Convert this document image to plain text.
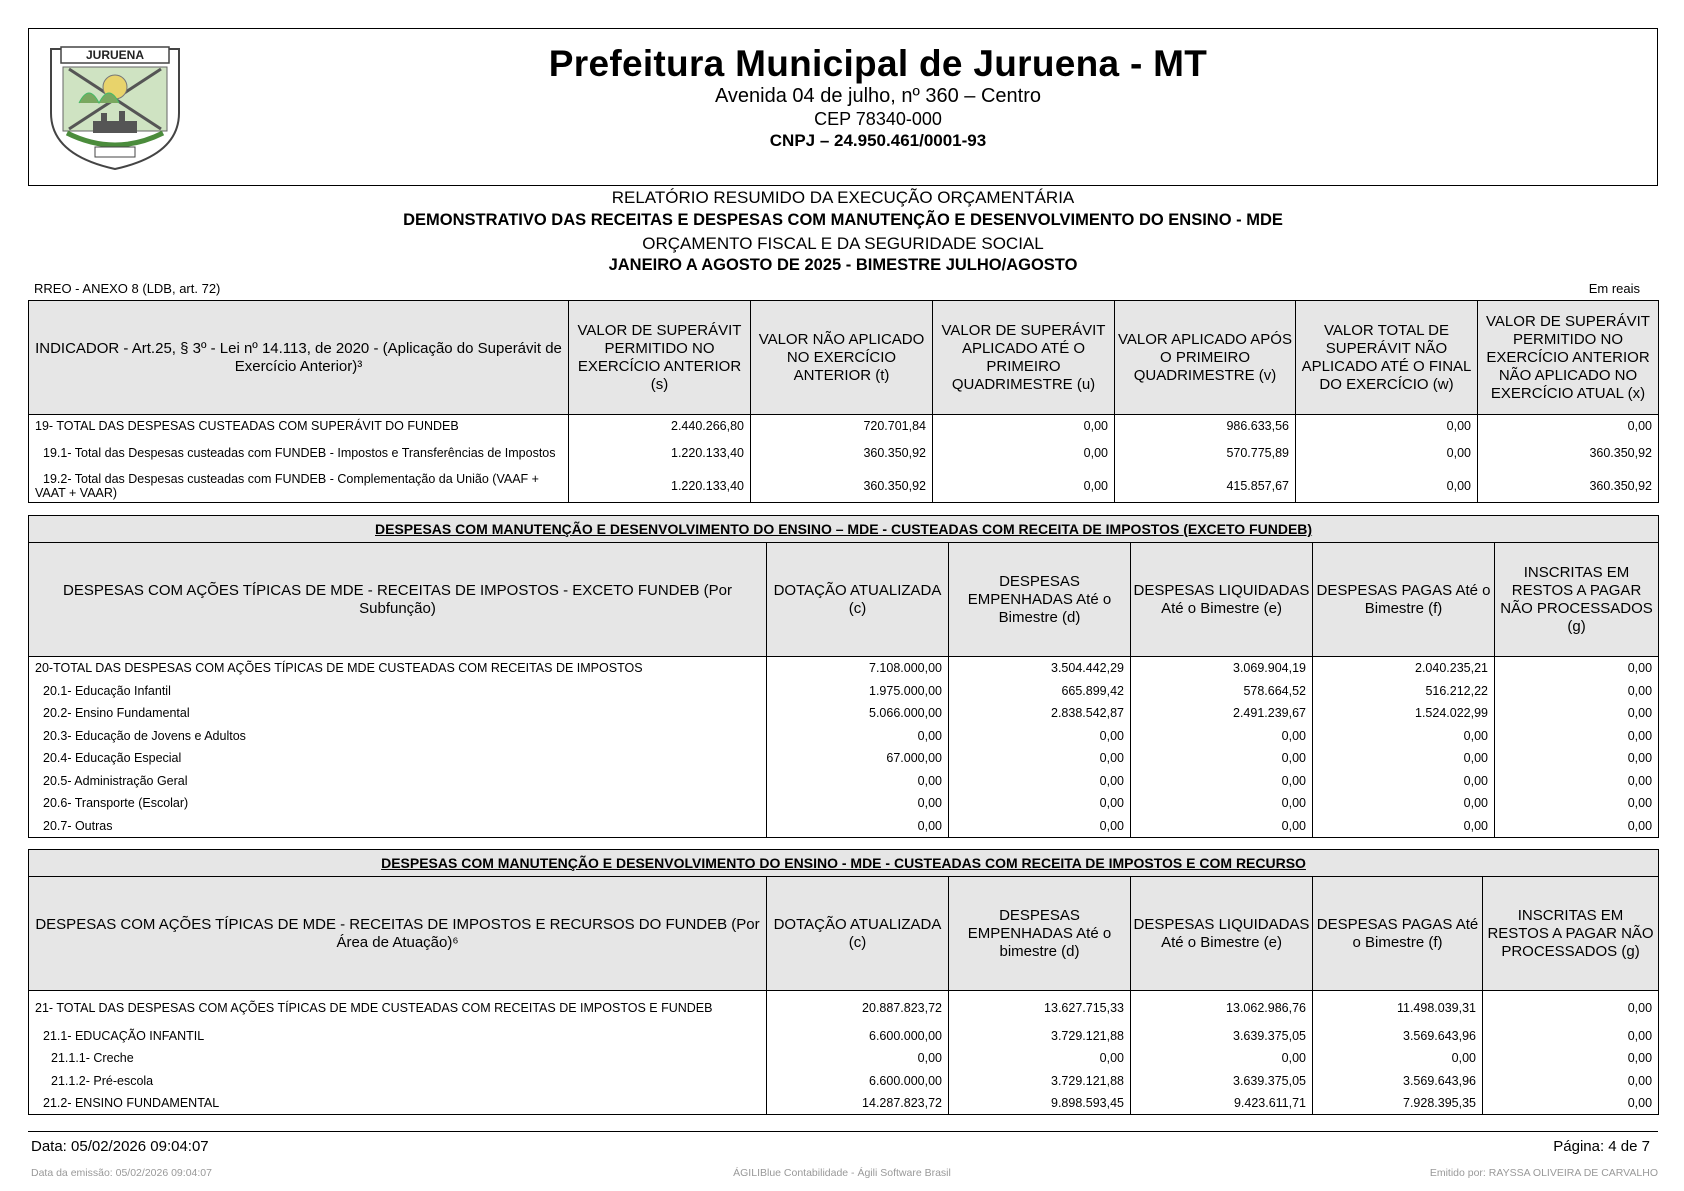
JURUENA	Prefeitura Municipal de Juruena - MT
Avenida 04 de julho, nº 360 – Centro
CEP 78340-000
CNPJ – 24.950.461/0001-93
RELATÓRIO RESUMIDO DA EXECUÇÃO ORÇAMENTÁRIA
DEMONSTRATIVO DAS RECEITAS E DESPESAS COM MANUTENÇÃO E DESENVOLVIMENTO DO ENSINO - MDE
ORÇAMENTO FISCAL E DA SEGURIDADE SOCIAL
JANEIRO A AGOSTO DE 2025 - BIMESTRE JULHO/AGOSTO
RREO - ANEXO 8 (LDB, art. 72)	Em reais
INDICADOR - Art.25, § 3º - Lei nº 14.113, de 2020 - (Aplicação do Superávit de Exercício Anterior)³	VALOR DE SUPERÁVIT PERMITIDO NO EXERCÍCIO ANTERIOR (s)	VALOR NÃO APLICADO NO EXERCÍCIO ANTERIOR (t)	VALOR DE SUPERÁVIT APLICADO ATÉ O PRIMEIRO QUADRIMESTRE (u)	VALOR APLICADO APÓS O PRIMEIRO QUADRIMESTRE (v)	VALOR TOTAL DE SUPERÁVIT NÃO APLICADO ATÉ O FINAL DO EXERCÍCIO (w)	VALOR DE SUPERÁVIT PERMITIDO NO EXERCÍCIO ANTERIOR NÃO APLICADO NO EXERCÍCIO ATUAL (x)
19- TOTAL DAS DESPESAS CUSTEADAS COM SUPERÁVIT DO FUNDEB	2.440.266,80	720.701,84	0,00	986.633,56	0,00	0,00
19.1- Total das Despesas custeadas com FUNDEB - Impostos e Transferências de Impostos	1.220.133,40	360.350,92	0,00	570.775,89	0,00	360.350,92
19.2- Total das Despesas custeadas com FUNDEB - Complementação da União (VAAF + VAAT + VAAR)	1.220.133,40	360.350,92	0,00	415.857,67	0,00	360.350,92
DESPESAS COM MANUTENÇÃO E DESENVOLVIMENTO DO ENSINO – MDE - CUSTEADAS COM RECEITA DE IMPOSTOS (EXCETO FUNDEB)					
DESPESAS COM AÇÕES TÍPICAS DE MDE - RECEITAS DE IMPOSTOS - EXCETO FUNDEB (Por Subfunção)	DOTAÇÃO ATUALIZADA (c)	DESPESAS EMPENHADAS Até o Bimestre (d)	DESPESAS LIQUIDADAS Até o Bimestre (e)	DESPESAS PAGAS Até o Bimestre (f)	INSCRITAS EM RESTOS A PAGAR NÃO PROCESSADOS (g)
20-TOTAL DAS DESPESAS COM AÇÕES TÍPICAS DE MDE CUSTEADAS COM RECEITAS DE IMPOSTOS	7.108.000,00	3.504.442,29	3.069.904,19	2.040.235,21	0,00
20.1- Educação Infantil	1.975.000,00	665.899,42	578.664,52	516.212,22	0,00
20.2- Ensino Fundamental	5.066.000,00	2.838.542,87	2.491.239,67	1.524.022,99	0,00
20.3- Educação de Jovens e Adultos	0,00	0,00	0,00	0,00	0,00
20.4- Educação Especial	67.000,00	0,00	0,00	0,00	0,00
20.5- Administração Geral	0,00	0,00	0,00	0,00	0,00
20.6- Transporte (Escolar)	0,00	0,00	0,00	0,00	0,00
20.7- Outras	0,00	0,00	0,00	0,00	0,00
DESPESAS COM MANUTENÇÃO E DESENVOLVIMENTO DO ENSINO - MDE - CUSTEADAS COM RECEITA DE IMPOSTOS E COM RECURSO					
DESPESAS COM AÇÕES TÍPICAS DE MDE - RECEITAS DE IMPOSTOS E RECURSOS DO FUNDEB (Por Área de Atuação)⁶	DOTAÇÃO ATUALIZADA (c)	DESPESAS EMPENHADAS Até o bimestre (d)	DESPESAS LIQUIDADAS Até o Bimestre (e)	DESPESAS PAGAS Até o Bimestre (f)	INSCRITAS EM RESTOS A PAGAR NÃO PROCESSADOS (g)
21- TOTAL DAS DESPESAS COM AÇÕES TÍPICAS DE MDE CUSTEADAS COM RECEITAS DE IMPOSTOS E FUNDEB	20.887.823,72	13.627.715,33	13.062.986,76	11.498.039,31	0,00
21.1- EDUCAÇÃO INFANTIL	6.600.000,00	3.729.121,88	3.639.375,05	3.569.643,96	0,00
21.1.1- Creche	0,00	0,00	0,00	0,00	0,00
21.1.2- Pré-escola	6.600.000,00	3.729.121,88	3.639.375,05	3.569.643,96	0,00
21.2- ENSINO FUNDAMENTAL	14.287.823,72	9.898.593,45	9.423.611,71	7.928.395,35	0,00
Data: 05/02/2026 09:04:07	Página: 4 de 7
Data da emissão: 05/02/2026 09:04:07	ÁGILIBlue Contabilidade - Ágili Software Brasil	Emitido por: RAYSSA OLIVEIRA DE CARVALHO
